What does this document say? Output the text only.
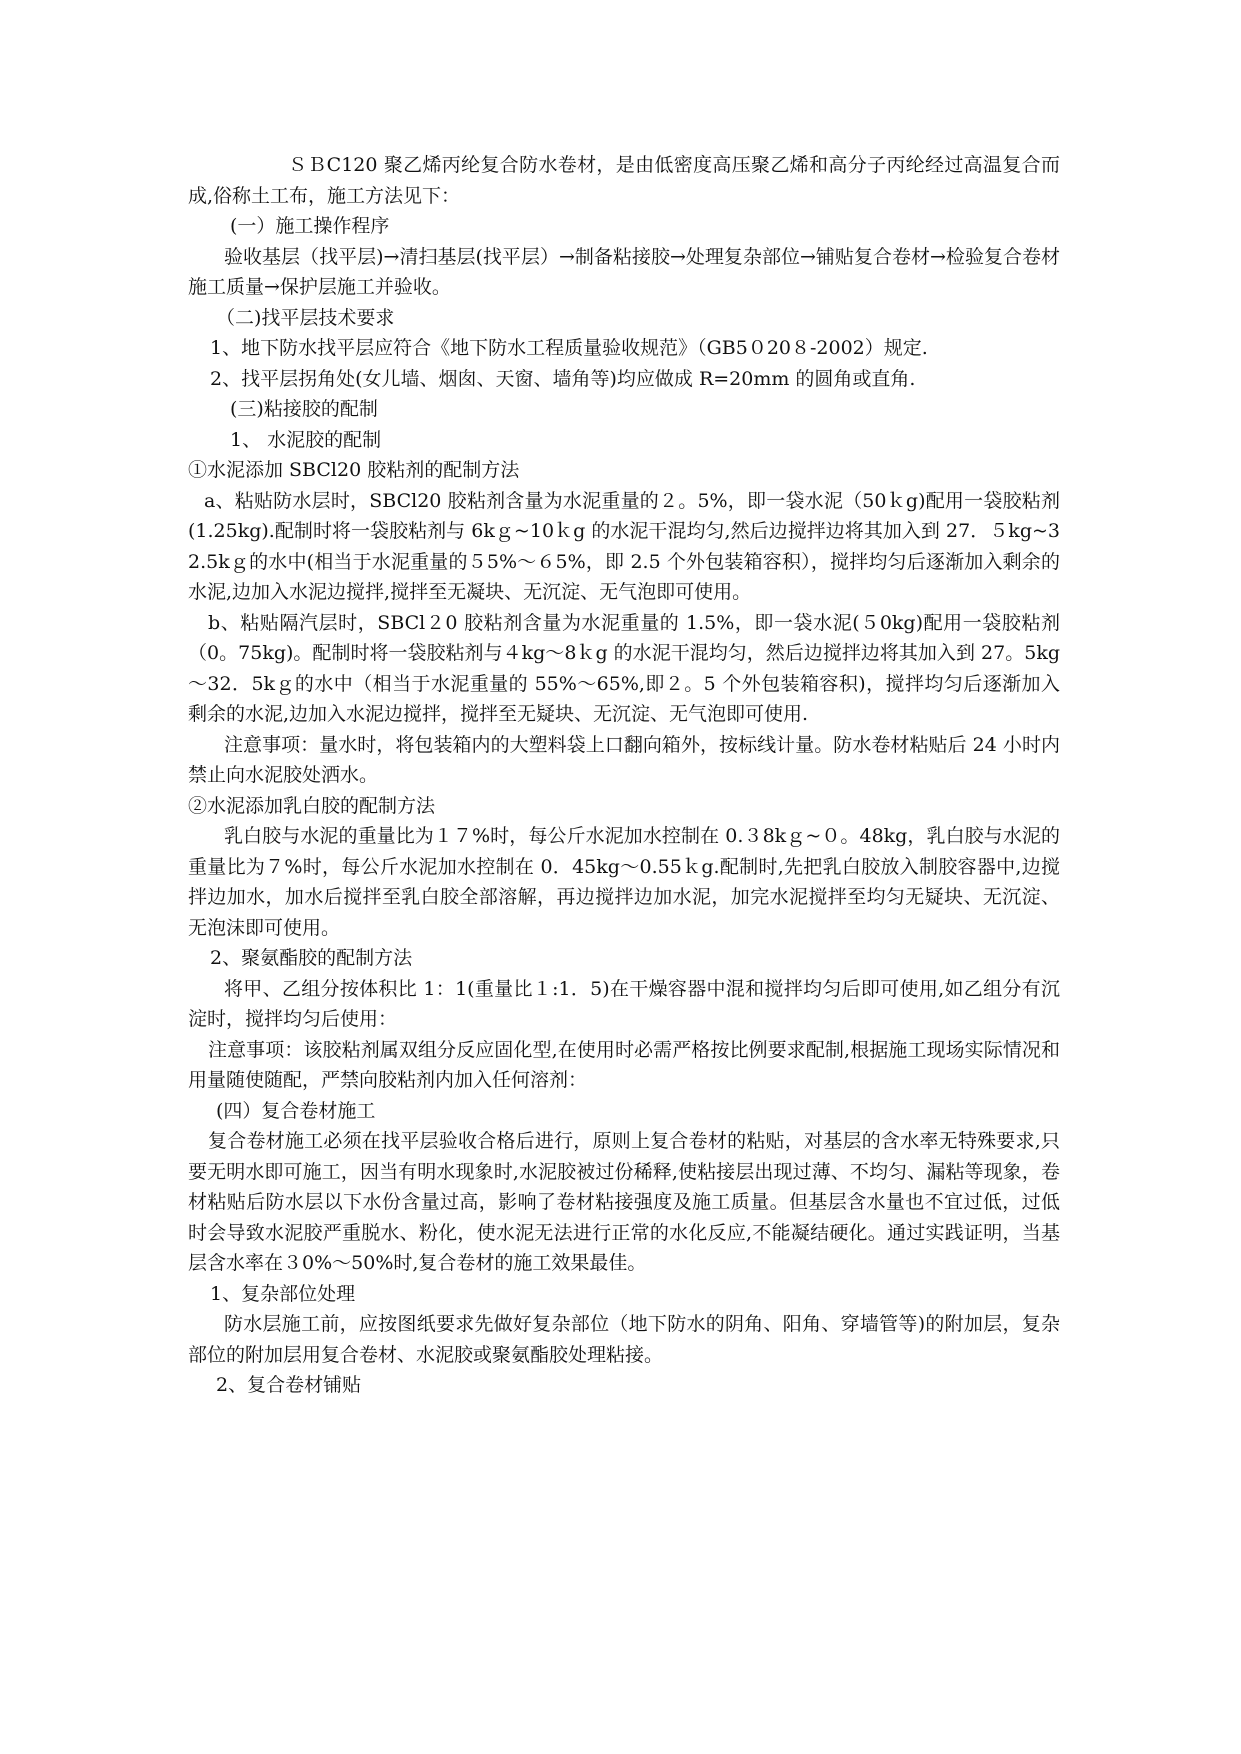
ＳＢC120 聚乙烯丙纶复合防水卷材，是由低密度高压聚乙烯和高分子丙纶经过高温复合而成,俗称土工布，施工方法见下：

(一）施工操作程序

验收基层（找平层)→清扫基层(找平层）→制备粘接胶→处理复杂部位→铺贴复合卷材→检验复合卷材施工质量→保护层施工并验收。

（二)找平层技术要求

1、地下防水找平层应符合《地下防水工程质量验收规范》（GB5０20８-2002）规定.

2、找平层拐角处(女儿墙、烟囱、天窗、墙角等)均应做成 R=20mm 的圆角或直角.

(三)粘接胶的配制

1、 水泥胶的配制

①水泥添加 SBCl20 胶粘剂的配制方法

a、粘贴防水层时，SBCl20 胶粘剂含量为水泥重量的２。5%，即一袋水泥（50ｋg)配用一袋胶粘剂(1.25kg).配制时将一袋胶粘剂与 6kｇ~10ｋg 的水泥干混均匀,然后边搅拌边将其加入到 27．５kg~32.5kｇ的水中(相当于水泥重量的５5%～６5%，即 2.5 个外包装箱容积），搅拌均匀后逐渐加入剩余的水泥,边加入水泥边搅拌,搅拌至无凝块、无沉淀、无气泡即可使用。

b、粘贴隔汽层时，SBCl２0 胶粘剂含量为水泥重量的 1.5%，即一袋水泥(５0kg)配用一袋胶粘剂（0。75kg)。配制时将一袋胶粘剂与４kg～8ｋg 的水泥干混均匀，然后边搅拌边将其加入到 27。5kg～32．5kｇ的水中（相当于水泥重量的 55%～65%,即２。5 个外包装箱容积)，搅拌均匀后逐渐加入剩余的水泥,边加入水泥边搅拌，搅拌至无疑块、无沉淀、无气泡即可使用.

注意事项：量水时，将包装箱内的大塑料袋上口翻向箱外，按标线计量。防水卷材粘贴后 24 小时内禁止向水泥胶处洒水。

②水泥添加乳白胶的配制方法

乳白胶与水泥的重量比为１７%时，每公斤水泥加水控制在 0.３8kｇ~０。48kg，乳白胶与水泥的重量比为７%时，每公斤水泥加水控制在 0．45kg～0.55ｋg.配制时,先把乳白胶放入制胶容器中,边搅拌边加水，加水后搅拌至乳白胶全部溶解，再边搅拌边加水泥，加完水泥搅拌至均匀无疑块、无沉淀、无泡沫即可使用。

2、聚氨酯胶的配制方法

将甲、乙组分按体积比 1：1(重量比１:1．5)在干燥容器中混和搅拌均匀后即可使用,如乙组分有沉淀时，搅拌均匀后使用：

注意事项：该胶粘剂属双组分反应固化型,在使用时必需严格按比例要求配制,根据施工现场实际情况和用量随使随配，严禁向胶粘剂内加入任何溶剂：

(四）复合卷材施工

复合卷材施工必须在找平层验收合格后进行，原则上复合卷材的粘贴，对基层的含水率无特殊要求,只要无明水即可施工，因当有明水现象时,水泥胶被过份稀释,使粘接层出现过薄、不均匀、漏粘等现象，卷材粘贴后防水层以下水份含量过高，影响了卷材粘接强度及施工质量。但基层含水量也不宜过低，过低时会导致水泥胶严重脱水、粉化，使水泥无法进行正常的水化反应,不能凝结硬化。通过实践证明，当基层含水率在３0%～50%时,复合卷材的施工效果最佳。

1、复杂部位处理

防水层施工前，应按图纸要求先做好复杂部位（地下防水的阴角、阳角、穿墙管等)的附加层，复杂部位的附加层用复合卷材、水泥胶或聚氨酯胶处理粘接。

2、复合卷材铺贴
